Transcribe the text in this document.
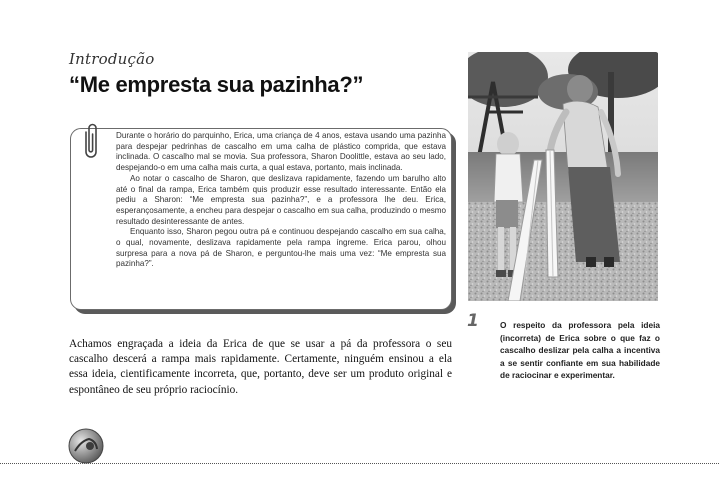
Introdução
“Me empresta sua pazinha?”

Durante o horário do parquinho, Erica, uma criança de 4 anos, estava usando uma pazinha para despejar pedrinhas de cascalho em uma calha de plástico comprida, que estava inclinada. O cascalho mal se movia. Sua professora, Sharon Doolittle, estava ao seu lado, despejando-o em uma calha mais curta, a qual estava, portanto, mais inclinada.

Ao notar o cascalho de Sharon, que deslizava rapidamente, fazendo um barulho alto até o final da rampa, Erica também quis produzir esse resultado interessante. Então ela pediu a Sharon: “Me empresta sua pazinha?”, e a professora lhe deu. Erica, esperançosamente, a encheu para despejar o cascalho em sua calha, produzindo o mesmo resultado desinteressante de antes.

Enquanto isso, Sharon pegou outra pá e continuou despejando cascalho em sua calha, o qual, novamente, deslizava rapidamente pela rampa íngreme. Erica parou, olhou surpresa para a nova pá de Sharon, e perguntou-lhe mais uma vez: “Me empresta sua pazinha?”.

Achamos engraçada a ideia da Erica de que se usar a pá da professora o seu cascalho descerá a rampa mais rapidamente. Certamente, ninguém ensinou a ela essa ideia, cientificamente incorreta, que, portanto, deve ser um produto original e espontâneo de seu próprio raciocínio.

1	O respeito da professora pela ideia (incorreta) de Erica sobre o que faz o cascalho deslizar pela calha a incentiva a se sentir confiante em sua habilidade de raciocinar e experimentar.
